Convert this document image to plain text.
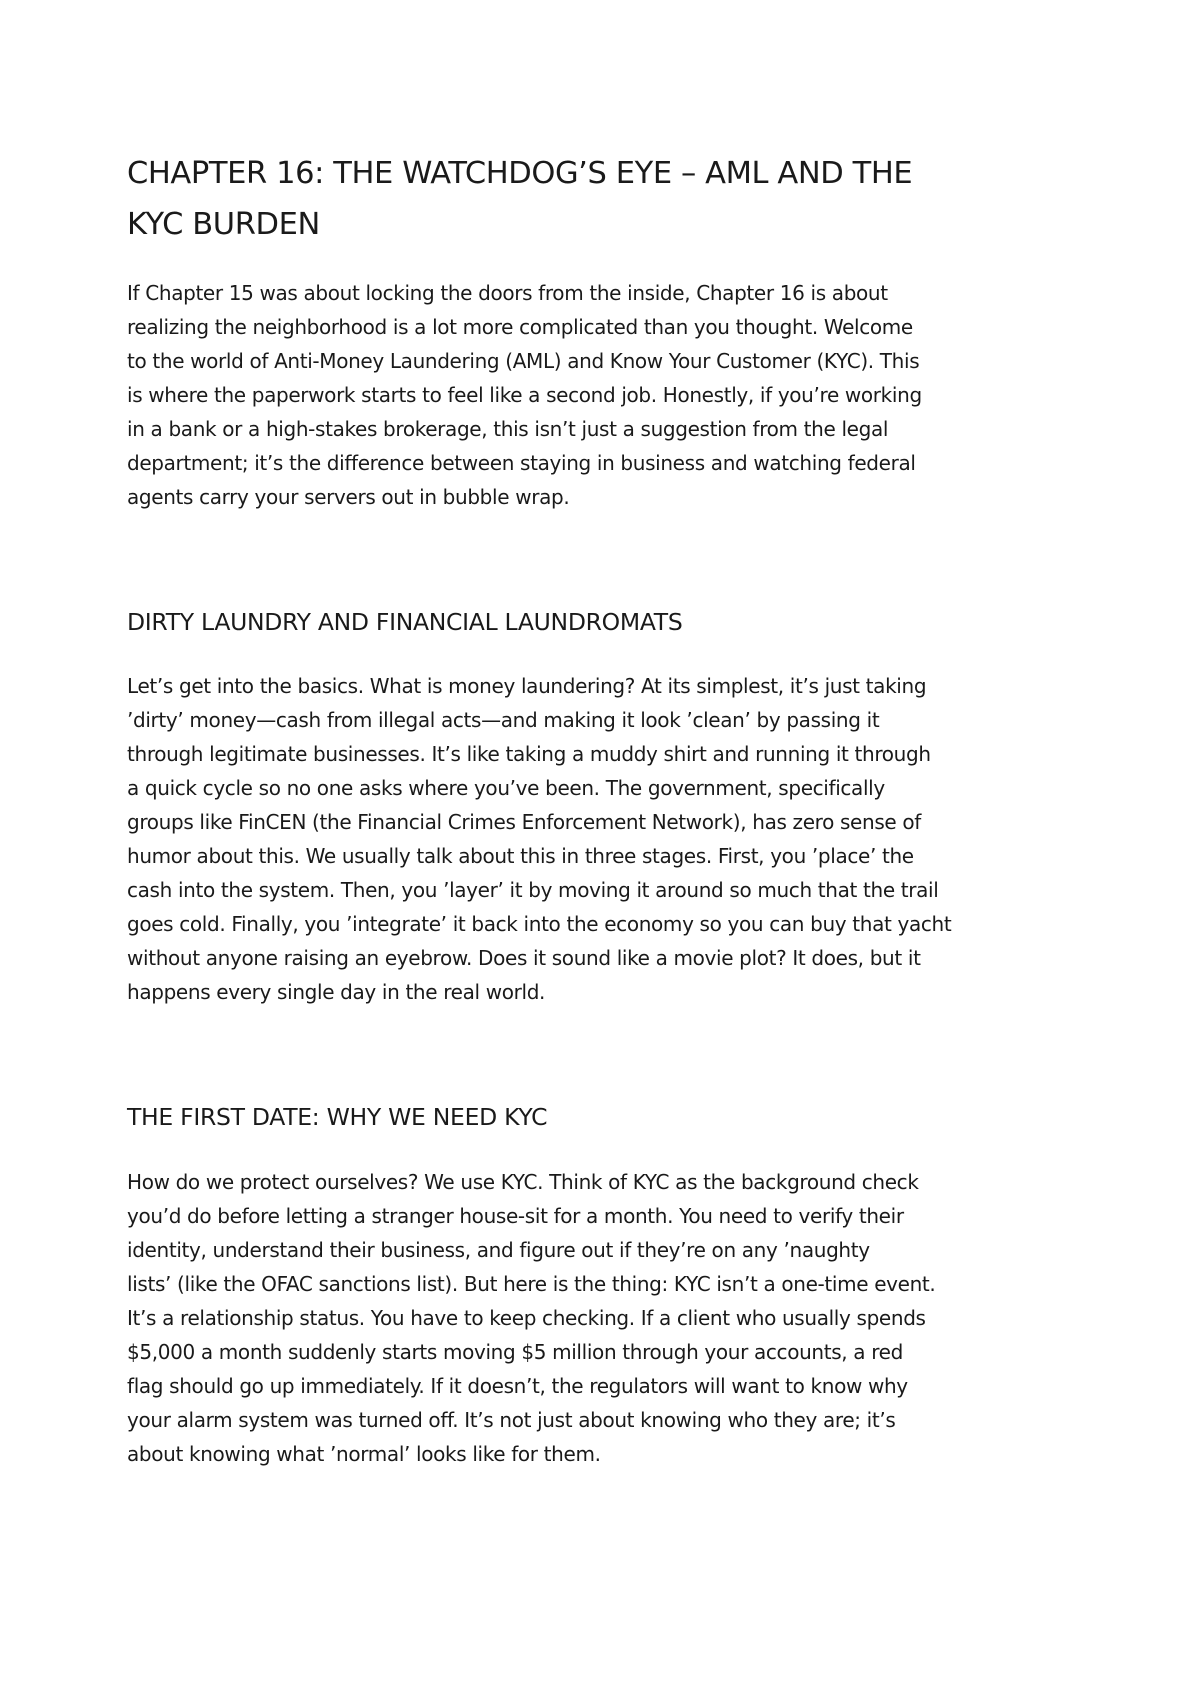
CHAPTER 16: THE WATCHDOG’S EYE – AML AND THE
KYC BURDEN

If Chapter 15 was about locking the doors from the inside, Chapter 16 is about
realizing the neighborhood is a lot more complicated than you thought. Welcome
to the world of Anti-Money Laundering (AML) and Know Your Customer (KYC). This
is where the paperwork starts to feel like a second job. Honestly, if you’re working
in a bank or a high-stakes brokerage, this isn’t just a suggestion from the legal
department; it’s the difference between staying in business and watching federal
agents carry your servers out in bubble wrap.

DIRTY LAUNDRY AND FINANCIAL LAUNDROMATS

Let’s get into the basics. What is money laundering? At its simplest, it’s just taking
’dirty’ money—cash from illegal acts—and making it look ’clean’ by passing it
through legitimate businesses. It’s like taking a muddy shirt and running it through
a quick cycle so no one asks where you’ve been. The government, specifically
groups like FinCEN (the Financial Crimes Enforcement Network), has zero sense of
humor about this. We usually talk about this in three stages. First, you ’place’ the
cash into the system. Then, you ’layer’ it by moving it around so much that the trail
goes cold. Finally, you ’integrate’ it back into the economy so you can buy that yacht
without anyone raising an eyebrow. Does it sound like a movie plot? It does, but it
happens every single day in the real world.

THE FIRST DATE: WHY WE NEED KYC

How do we protect ourselves? We use KYC. Think of KYC as the background check
you’d do before letting a stranger house-sit for a month. You need to verify their
identity, understand their business, and figure out if they’re on any ’naughty
lists’ (like the OFAC sanctions list). But here is the thing: KYC isn’t a one-time event.
It’s a relationship status. You have to keep checking. If a client who usually spends
$5,000 a month suddenly starts moving $5 million through your accounts, a red
flag should go up immediately. If it doesn’t, the regulators will want to know why
your alarm system was turned off. It’s not just about knowing who they are; it’s
about knowing what ’normal’ looks like for them.
